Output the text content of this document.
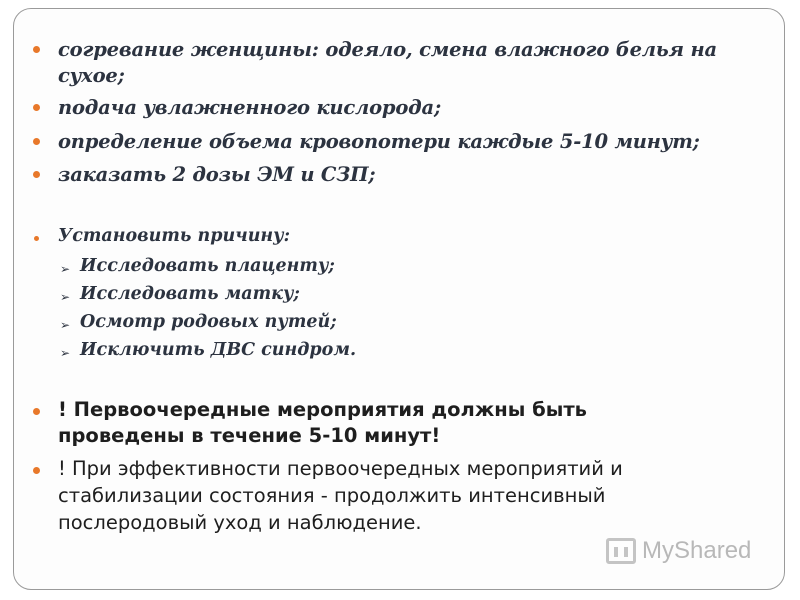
согревание женщины: одеяло, смена влажного белья на
сухое;
подача увлажненного кислорода;
определение объема кровопотери каждые 5-10 минут;
заказать 2 дозы ЭМ и СЗП;
Установить причину:
➢ Исследовать плаценту;
➢ Исследовать матку;
➢ Осмотр родовых путей;
➢ Исключить ДВС синдром.
! Первоочередные мероприятия должны быть
проведены в течение 5-10 минут!
! При эффективности первоочередных мероприятий и
стабилизации состояния - продолжить интенсивный
послеродовый уход и наблюдение.
MyShared
